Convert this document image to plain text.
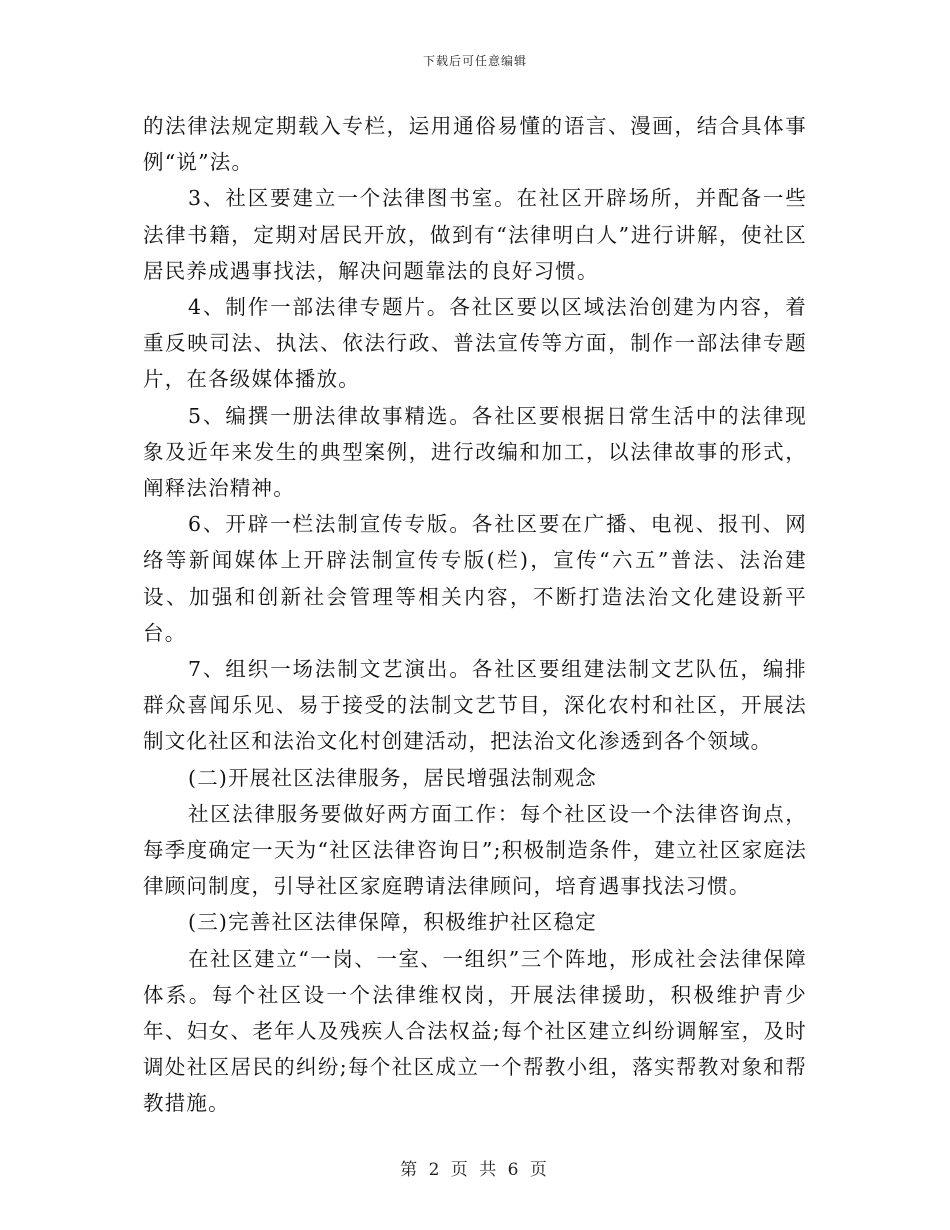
下载后可任意编辑

的法律法规定期载入专栏，运用通俗易懂的语言、漫画，结合具体事例“说”法。

3、社区要建立一个法律图书室。在社区开辟场所，并配备一些法律书籍，定期对居民开放，做到有“法律明白人”进行讲解，使社区居民养成遇事找法，解决问题靠法的良好习惯。

4、制作一部法律专题片。各社区要以区域法治创建为内容，着重反映司法、执法、依法行政、普法宣传等方面，制作一部法律专题片，在各级媒体播放。

5、编撰一册法律故事精选。各社区要根据日常生活中的法律现象及近年来发生的典型案例，进行改编和加工，以法律故事的形式，阐释法治精神。

6、开辟一栏法制宣传专版。各社区要在广播、电视、报刊、网络等新闻媒体上开辟法制宣传专版(栏)，宣传“六五”普法、法治建设、加强和创新社会管理等相关内容，不断打造法治文化建设新平台。

7、组织一场法制文艺演出。各社区要组建法制文艺队伍，编排群众喜闻乐见、易于接受的法制文艺节目，深化农村和社区，开展法制文化社区和法治文化村创建活动，把法治文化渗透到各个领域。

(二)开展社区法律服务，居民增强法制观念

社区法律服务要做好两方面工作：每个社区设一个法律咨询点，每季度确定一天为“社区法律咨询日”;积极制造条件，建立社区家庭法律顾问制度，引导社区家庭聘请法律顾问，培育遇事找法习惯。

(三)完善社区法律保障，积极维护社区稳定

在社区建立“一岗、一室、一组织”三个阵地，形成社会法律保障体系。每个社区设一个法律维权岗，开展法律援助，积极维护青少年、妇女、老年人及残疾人合法权益;每个社区建立纠纷调解室，及时调处社区居民的纠纷;每个社区成立一个帮教小组，落实帮教对象和帮教措施。

第 2 页 共 6 页
